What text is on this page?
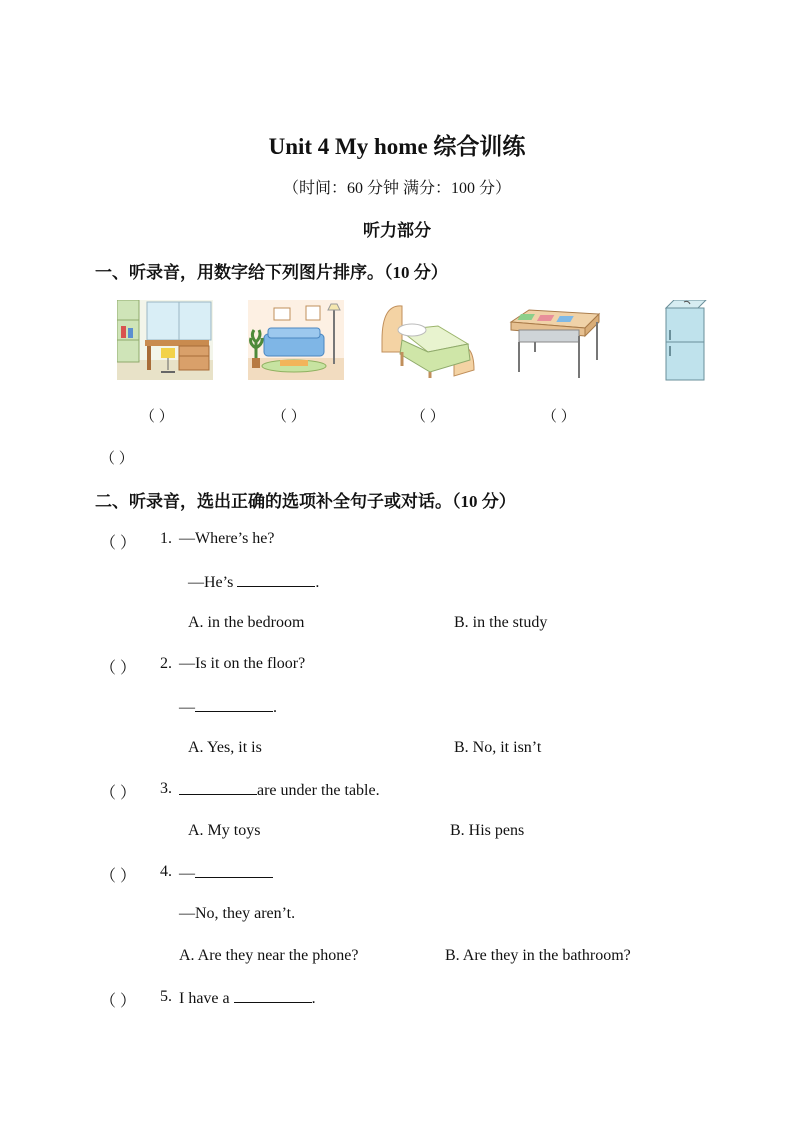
Unit 4 My home 综合训练
（时间：60 分钟 满分：100 分）
听力部分
一、听录音，用数字给下列图片排序。（10 分）
（ ）	（ ）	（ ）	（ ）
（ ）
二、听录音，选出正确的选项补全句子或对话。（10 分）
（ ） 1. —Where’s he?
—He’s	.
A. in the bedroom	B. in the study
（ ） 2. —Is it on the floor?
—	.
A. Yes, it is	B. No, it isn’t
（ ） 3.	are under the table.
A. My toys	B. His pens
（ ） 4. —
—No, they aren’t.
A. Are they near the phone?	B. Are they in the bathroom?
（ ） 5. I have a	.
